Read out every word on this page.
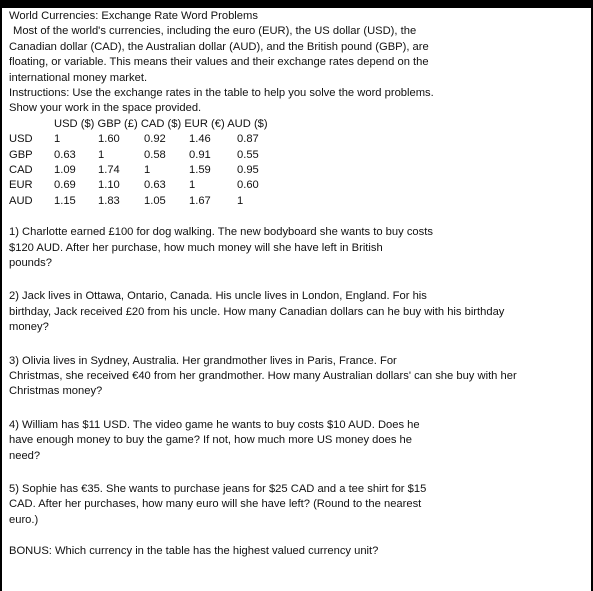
World Currencies: Exchange Rate Word Problems
Most of the world's currencies, including the euro (EUR), the US dollar (USD), the
Canadian dollar (CAD), the Australian dollar (AUD), and the British pound (GBP), are
floating, or variable. This means their values and their exchange rates depend on the
international money market.
Instructions: Use the exchange rates in the table to help you solve the word problems.
Show your work in the space provided.
USD ($) GBP (£) CAD ($) EUR (€) AUD ($)
USD 1	1.60 0.92 1.46 0.87
GBP 0.63 1	0.58 0.91 0.55
CAD 1.09 1.74 1	1.59 0.95
EUR 0.69 1.10 0.63 1	0.60
AUD 1.15 1.83 1.05 1.67 1
1) Charlotte earned £100 for dog walking. The new bodyboard she wants to buy costs
$120 AUD. After her purchase, how much money will she have left in British
pounds?
2) Jack lives in Ottawa, Ontario, Canada. His uncle lives in London, England. For his
birthday, Jack received £20 from his uncle. How many Canadian dollars can he buy with his birthday
money?
3) Olivia lives in Sydney, Australia. Her grandmother lives in Paris, France. For
Christmas, she received €40 from her grandmother. How many Australian dollars' can she buy with her
Christmas money?
4) William has $11 USD. The video game he wants to buy costs $10 AUD. Does he
have enough money to buy the game? If not, how much more US money does he
need?
5) Sophie has €35. She wants to purchase jeans for $25 CAD and a tee shirt for $15
CAD. After her purchases, how many euro will she have left? (Round to the nearest
euro.)
BONUS: Which currency in the table has the highest valued currency unit?
